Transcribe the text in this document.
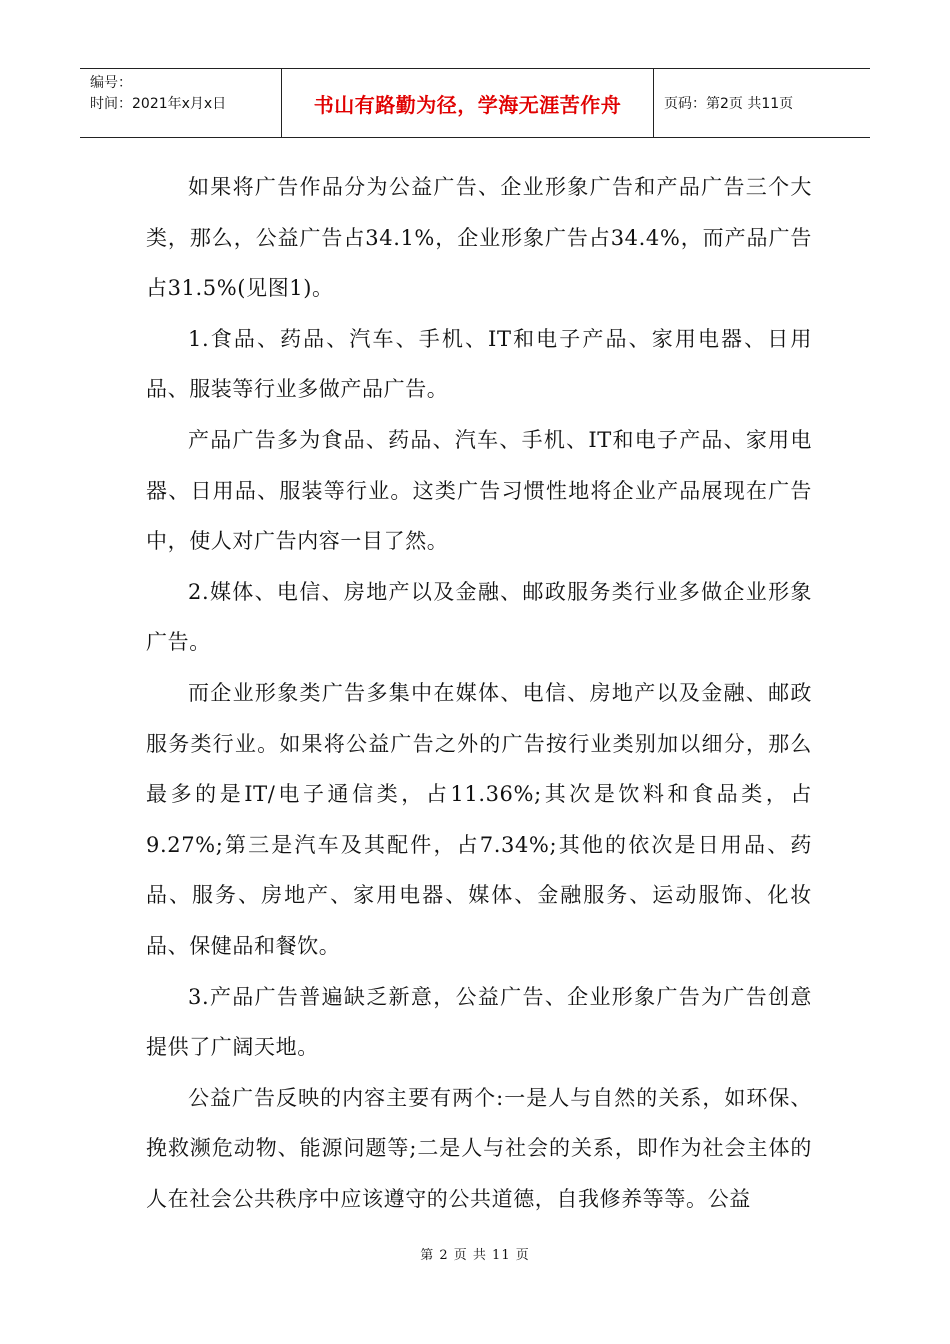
编号：
时间：2021年x月x日	书山有路勤为径，学海无涯苦作舟	页码：第2页 共11页

如果将广告作品分为公益广告、企业形象广告和产品广告三个大类，那么，公益广告占34.1%，企业形象广告占34.4%，而产品广告占31.5%(见图1)。

1.食品、药品、汽车、手机、IT和电子产品、家用电器、日用品、服装等行业多做产品广告。

产品广告多为食品、药品、汽车、手机、IT和电子产品、家用电器、日用品、服装等行业。这类广告习惯性地将企业产品展现在广告中，使人对广告内容一目了然。

2.媒体、电信、房地产以及金融、邮政服务类行业多做企业形象广告。

而企业形象类广告多集中在媒体、电信、房地产以及金融、邮政服务类行业。如果将公益广告之外的广告按行业类别加以细分，那么最多的是IT/电子通信类，占11.36%;其次是饮料和食品类，占9.27%;第三是汽车及其配件，占7.34%;其他的依次是日用品、药品、服务、房地产、家用电器、媒体、金融服务、运动服饰、化妆品、保健品和餐饮。

3.产品广告普遍缺乏新意，公益广告、企业形象广告为广告创意提供了广阔天地。

公益广告反映的内容主要有两个:一是人与自然的关系，如环保、挽救濒危动物、能源问题等;二是人与社会的关系，即作为社会主体的人在社会公共秩序中应该遵守的公共道德，自我修养等等。公益

第 2 页 共 11 页
